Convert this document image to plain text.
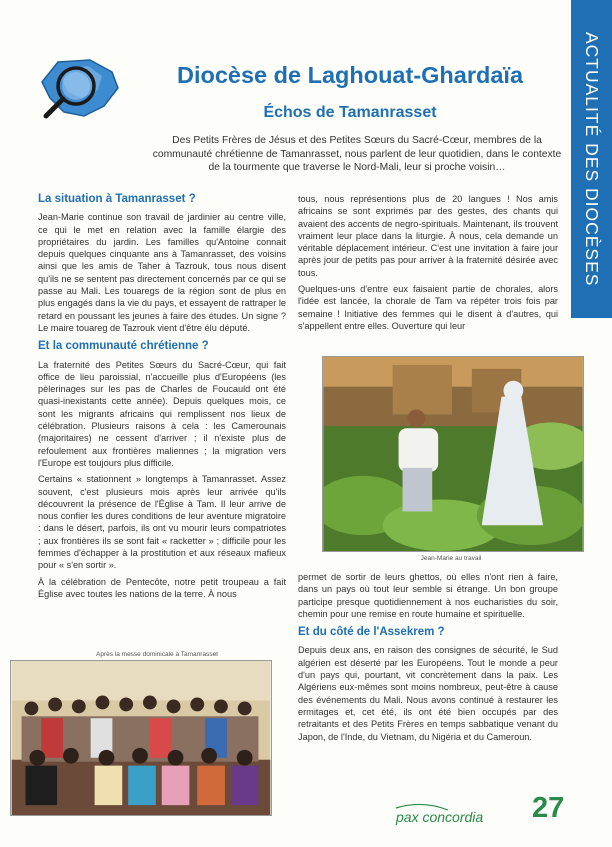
ACTUALITÉ DES DIOCÈSES
Diocèse de Laghouat-Ghardaïa
Échos de Tamanrasset
Des Petits Frères de Jésus et des Petites Sœurs du Sacré-Cœur, membres de la communauté chrétienne de Tamanrasset, nous parlent de leur quotidien, dans le contexte de la tourmente que traverse le Nord-Mali, leur si proche voisin…
La situation à Tamanrasset ?

Jean-Marie continue son travail de jardinier au centre ville, ce qui le met en relation avec la famille élargie des propriétaires du jardin. Les familles qu'Antoine connait depuis quelques cinquante ans à Tamanrasset, des voisins ainsi que les amis de Taher à Tazrouk, tous nous disent qu'ils ne se sentent pas directement concernés par ce qui se passe au Mali. Les touaregs de la région sont de plus en plus engagés dans la vie du pays, et essayent de rattraper le retard en poussant les jeunes à faire des études. Un signe ? Le maire touareg de Tazrouk vient d'être élu député.

Et la communauté chrétienne ?

La fraternité des Petites Sœurs du Sacré-Cœur, qui fait office de lieu paroissial, n'accueille plus d'Européens (les pèlerinages sur les pas de Charles de Foucauld ont été quasi-inexistants cette année). Depuis quelques mois, ce sont les migrants africains qui remplissent nos lieux de célébration. Plusieurs raisons à cela : les Camerounais (majoritaires) ne cessent d'arriver ; il n'existe plus de refoulement aux frontières maliennes ; la migration vers l'Europe est toujours plus difficile.

Certains « stationnent » longtemps à Tamanrasset. Assez souvent, c'est plusieurs mois après leur arrivée qu'ils découvrent la présence de l'Église à Tam. Il leur arrive de nous confier les dures conditions de leur aventure migratoire : dans le désert, parfois, ils ont vu mourir leurs compatriotes ; aux frontières ils se sont fait « racketter » ; difficile pour les femmes d'échapper à la prostitution et aux réseaux mafieux pour « s'en sortir ».

À la célébration de Pentecôte, notre petit troupeau a fait Église avec toutes les nations de la terre. À nous

tous, nous représentions plus de 20 langues ! Nos amis africains se sont exprimés par des gestes, des chants qui avaient des accents de negro-spirituals. Maintenant, ils trouvent vraiment leur place dans la liturgie. À nous, cela demande un véritable déplacement intérieur. C'est une invitation à faire jour après jour de petits pas pour arriver à la fraternité désirée avec tous.

Quelques-uns d'entre eux faisaient partie de chorales, alors l'idée est lancée, la chorale de Tam va répéter trois fois par semaine ! Initiative des femmes qui le disent à d'autres, qui s'appellent entre elles. Ouverture qui leur

Jean-Marie au travail

permet de sortir de leurs ghettos, où elles n'ont rien à faire, dans un pays où tout leur semble si étrange. Un bon groupe participe presque quotidiennement à nos eucharisties du soir, chemin pour une remise en route humaine et spirituelle.

Et du côté de l'Assekrem ?

Depuis deux ans, en raison des consignes de sécurité, le Sud algérien est déserté par les Européens. Tout le monde a peur d'un pays qui, pourtant, vit concrètement dans la paix. Les Algériens eux-mêmes sont moins nombreux, peut-être à cause des événements du Mali. Nous avons continué à restaurer les ermitages et, cet été, ils ont été bien occupés par des retraitants et des Petits Frères en temps sabbatique venant du Japon, de l'Inde, du Vietnam, du Nigéria et du Cameroun.

Après la messe dominicale à Tamanrasset
pax concordia 27
